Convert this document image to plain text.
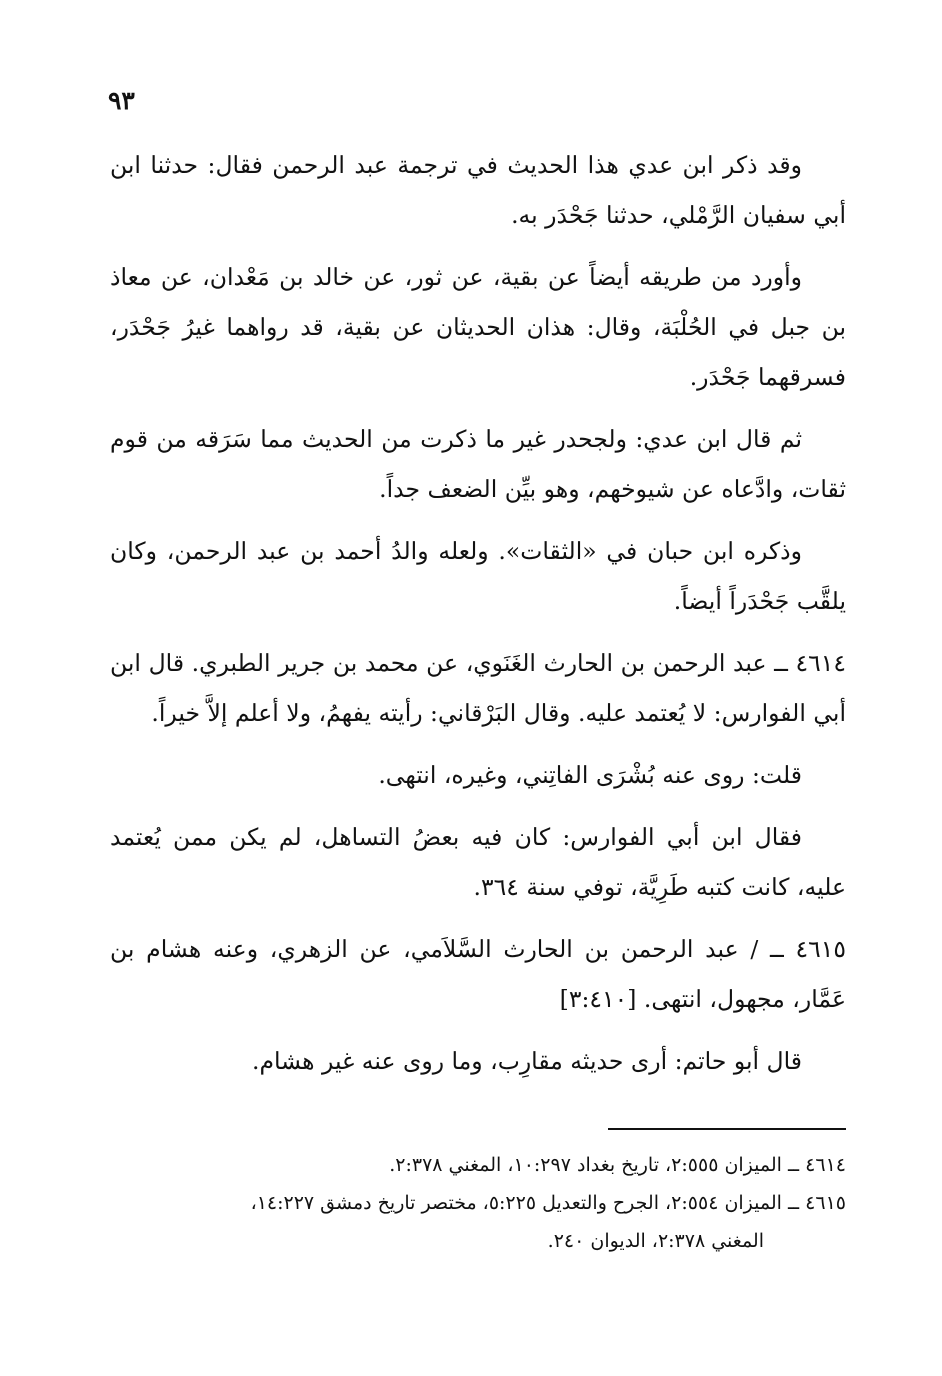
٩٣

وقد ذكر ابن عدي هذا الحديث في ترجمة عبد الرحمن فقال: حدثنا ابن أبي سفيان الرَّمْلي، حدثنا جَحْدَر به.

وأورد من طريقه أيضاً عن بقية، عن ثور، عن خالد بن مَعْدان، عن معاذ بن جبل في الحُلْبَة، وقال: هذان الحديثان عن بقية، قد رواهما غيرُ جَحْدَر، فسرقهما جَحْدَر.

ثم قال ابن عدي: ولجحدر غير ما ذكرت من الحديث مما سَرَقه من قوم ثقات، وادَّعاه عن شيوخهم، وهو بيِّن الضعف جداً.

وذكره ابن حبان في «الثقات». ولعله والدُ أحمد بن عبد الرحمن، وكان يلقَّب جَحْدَراً أيضاً.

٤٦١٤ ــ عبد الرحمن بن الحارث الغَنَوي، عن محمد بن جرير الطبري. قال ابن أبي الفوارس: لا يُعتمد عليه. وقال البَرْقاني: رأيته يفهمُ، ولا أعلم إلاَّ خيراً.

قلت: روى عنه بُشْرَى الفاتِني، وغيره، انتهى.

فقال ابن أبي الفوارس: كان فيه بعضُ التساهل، لم يكن ممن يُعتمد عليه، كانت كتبه طَرِيَّة، توفي سنة ٣٦٤.

٤٦١٥ ــ / عبد الرحمن بن الحارث السَّلاَمي، عن الزهري، وعنه هشام بن عَمَّار، مجهول، انتهى. [٣:٤١٠]

قال أبو حاتم: أرى حديثه مقارِب، وما روى عنه غير هشام.

٤٦١٤ ــ الميزان ٢:٥٥٥، تاريخ بغداد ١٠:٢٩٧، المغني ٢:٣٧٨.

٤٦١٥ ــ الميزان ٢:٥٥٤، الجرح والتعديل ٥:٢٢٥، مختصر تاريخ دمشق ١٤:٢٢٧،

المغني ٢:٣٧٨، الديوان ٢٤٠.
